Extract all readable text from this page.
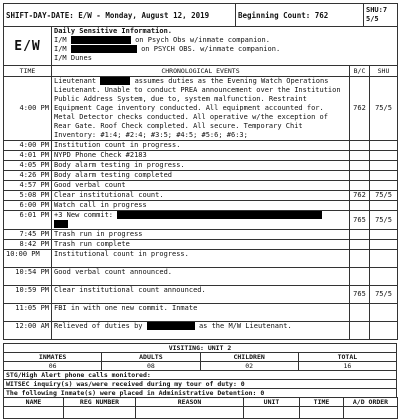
SHIFT-DAY-DATE: E/W - Monday, August 12, 2019	Beginning Count: 762	SHU:75/5
E/W	Daily Sensitive Information.
I/M on Psych Obs w/inmate companion.
I/M on PSYCH OBS. w/inmate companion.
I/M Dunes		

TIME	CHRONOLOGICAL EVENTS	B/C	SHU
4:00 PM	Lieutenant assumes duties as the Evening Watch Operations Lieutenant. Unable to conduct PREA announcement over the Institution Public Address System, due to, system malfunction. Restraint Equipment Cage inventory conducted. All equipment accounted for. Metal Detector checks conducted. All operative w/the exception of Rear Gate. Roof Check completed. All secure. Temporary Chit Inventory: #1:4; #2:4; #3:5; #4:5; #5:6; #6:3;	762	75/5
4:00 PM	Institution count in progress.		
4:01 PM	NYPD Phone Check #2183		
4:05 PM	Body alarm testing in progress.		
4:26 PM	Body alarm testing completed		
4:57 PM	Good verbal count		
5:08 PM	Clear institutional count.	762	75/5
6:00 PM	Watch call in progress		
6:01 PM	+3 New commit:	765	75/5
7:45 PM	Trash run in progress		
8:42 PM	Trash run complete		
10:00 PM	Institutional count in progress.		
10:54 PM	Good verbal count announced.		
10:59 PM	Clear institutional count announced.	765	75/5
11:05 PM	FBI in with one new commit. Inmate		
12:00 AM	Relieved of duties by as the M/W Lieutenant.		
VISITING: UNIT 2			
INMATES	ADULTS	CHILDREN	TOTAL
06	08	02	16
STG/High Alert phone calls monitored:
WITSEC inquiry(s) was/were received during my tour of duty: 0
The following Inmate(s) were placed in Administrative Detention: 0
NAME	REG NUMBER	REASON	UNIT	TIME	A/D ORDER
